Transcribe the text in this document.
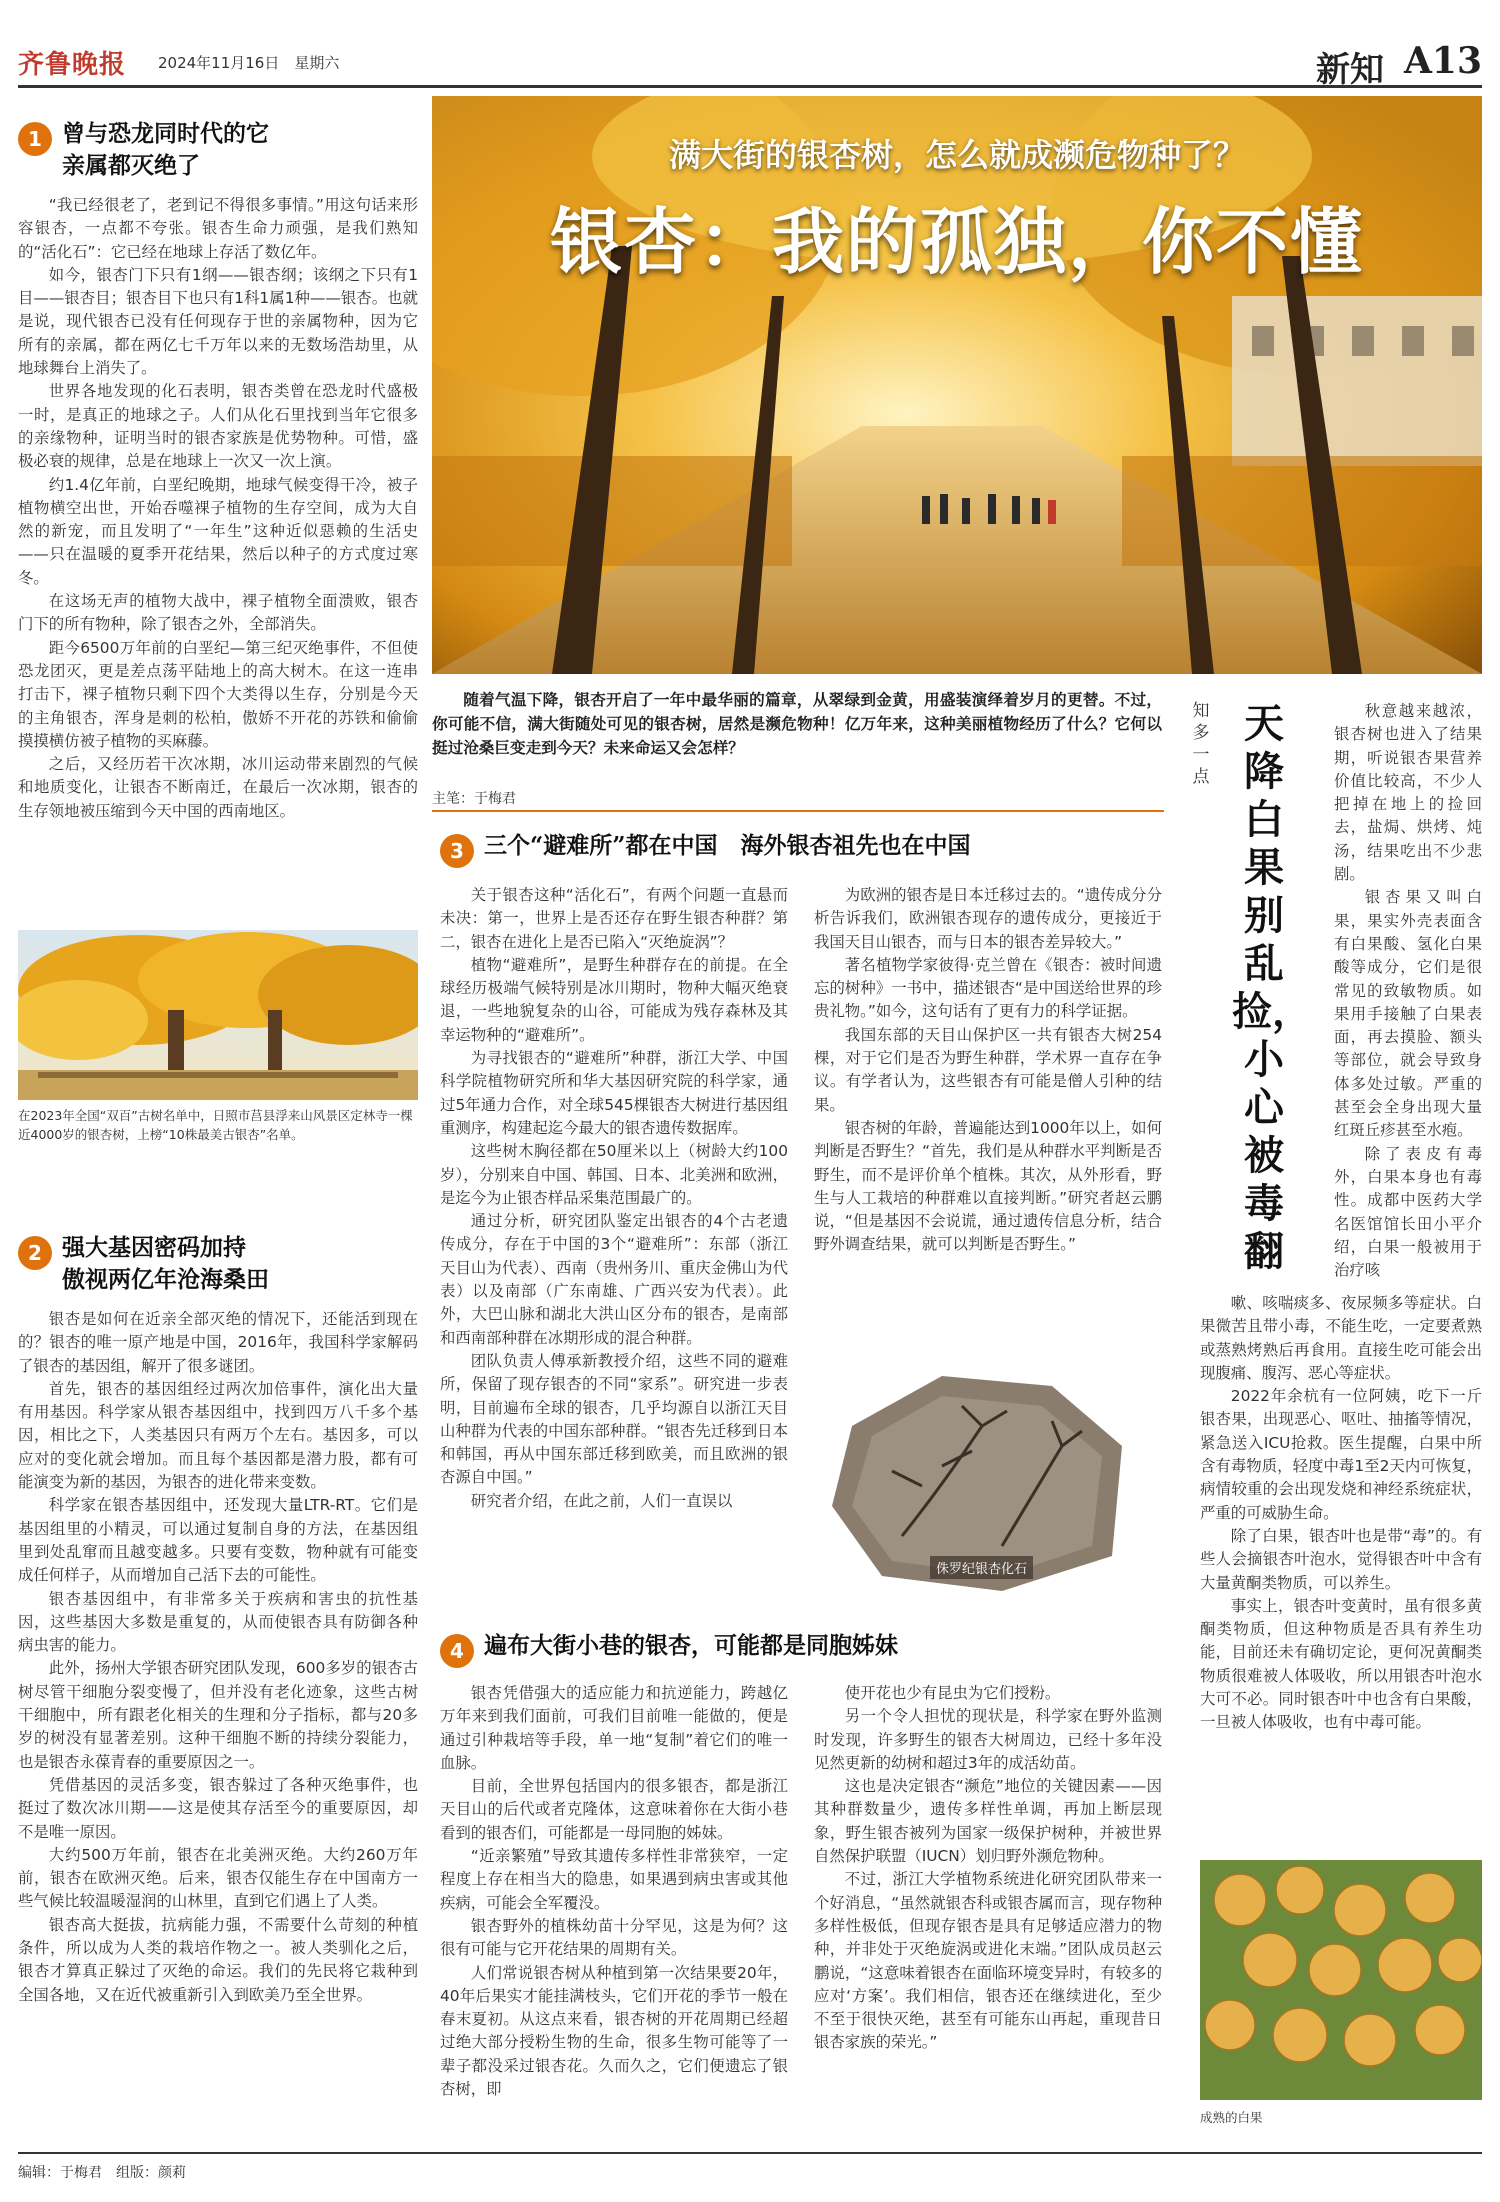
齐鲁晚报 2024年11月16日　星期六	新知 A13
1 曾与恐龙同时代的它
亲属都灭绝了

“我已经很老了，老到记不得很多事情。”用这句话来形容银杏，一点都不夸张。银杏生命力顽强，是我们熟知的“活化石”：它已经在地球上存活了数亿年。

如今，银杏门下只有1纲——银杏纲；该纲之下只有1目——银杏目；银杏目下也只有1科1属1种——银杏。也就是说，现代银杏已没有任何现存于世的亲属物种，因为它所有的亲属，都在两亿七千万年以来的无数场浩劫里，从地球舞台上消失了。

世界各地发现的化石表明，银杏类曾在恐龙时代盛极一时，是真正的地球之子。人们从化石里找到当年它很多的亲缘物种，证明当时的银杏家族是优势物种。可惜，盛极必衰的规律，总是在地球上一次又一次上演。

约1.4亿年前，白垩纪晚期，地球气候变得干冷，被子植物横空出世，开始吞噬裸子植物的生存空间，成为大自然的新宠，而且发明了“一年生”这种近似惡赖的生活史——只在温暖的夏季开花结果，然后以种子的方式度过寒冬。

在这场无声的植物大战中，裸子植物全面溃败，银杏门下的所有物种，除了银杏之外，全部消失。

距今6500万年前的白垩纪—第三纪灭绝事件，不但使恐龙团灭，更是差点荡平陆地上的高大树木。在这一连串打击下，裸子植物只剩下四个大类得以生存，分别是今天的主角银杏，浑身是刺的松柏，傲娇不开花的苏铁和偷偷摸摸横仿被子植物的买麻藤。

之后，又经历若干次冰期，冰川运动带来剧烈的气候和地质变化，让银杏不断南迁，在最后一次冰期，银杏的生存领地被压缩到今天中国的西南地区。

在2023年全国“双百”古树名单中，日照市莒县浮来山风景区定林寺一棵近4000岁的银杏树，上榜“10株最美古银杏”名单。
2 强大基因密码加持
傲视两亿年沧海桑田

银杏是如何在近亲全部灭绝的情况下，还能活到现在的？银杏的唯一原产地是中国，2016年，我国科学家解码了银杏的基因组，解开了很多谜团。

首先，银杏的基因组经过两次加倍事件，演化出大量有用基因。科学家从银杏基因组中，找到四万八千多个基因，相比之下，人类基因只有两万个左右。基因多，可以应对的变化就会增加。而且每个基因都是潜力股，都有可能演变为新的基因，为银杏的进化带来变数。

科学家在银杏基因组中，还发现大量LTR-RT。它们是基因组里的小精灵，可以通过复制自身的方法，在基因组里到处乱窜而且越变越多。只要有变数，物种就有可能变成任何样子，从而增加自己活下去的可能性。

银杏基因组中，有非常多关于疾病和害虫的抗性基因，这些基因大多数是重复的，从而使银杏具有防御各种病虫害的能力。

此外，扬州大学银杏研究团队发现，600多岁的银杏古树尽管干细胞分裂变慢了，但并没有老化迹象，这些古树干细胞中，所有跟老化相关的生理和分子指标，都与20多岁的树没有显著差别。这种干细胞不断的持续分裂能力，也是银杏永葆青春的重要原因之一。

凭借基因的灵活多变，银杏躲过了各种灭绝事件，也挺过了数次冰川期——这是使其存活至今的重要原因，却不是唯一原因。

大约500万年前，银杏在北美洲灭绝。大约260万年前，银杏在欧洲灭绝。后来，银杏仅能生存在中国南方一些气候比较温暖湿润的山林里，直到它们遇上了人类。

银杏高大挺拔，抗病能力强，不需要什么苛刻的种植条件，所以成为人类的栽培作物之一。被人类驯化之后，银杏才算真正躲过了灭绝的命运。我们的先民将它栽种到全国各地，又在近代被重新引入到欧美乃至全世界。

满大街的银杏树，怎么就成濒危物种了？
银杏：我的孤独，你不懂

随着气温下降，银杏开启了一年中最华丽的篇章，从翠绿到金黄，用盛装演绎着岁月的更替。不过，你可能不信，满大街随处可见的银杏树，居然是濒危物种！亿万年来，这种美丽植物经历了什么？它何以挺过沧桑巨变走到今天？未来命运又会怎样？

主笔：于梅君
3 三个“避难所”都在中国　海外银杏祖先也在中国

关于银杏这种“活化石”，有两个问题一直悬而未决：第一，世界上是否还存在野生银杏种群？第二，银杏在进化上是否已陷入“灭绝旋涡”？

植物“避难所”，是野生种群存在的前提。在全球经历极端气候特别是冰川期时，物种大幅灭绝衰退，一些地貌复杂的山谷，可能成为残存森林及其幸运物种的“避难所”。

为寻找银杏的“避难所”种群，浙江大学、中国科学院植物研究所和华大基因研究院的科学家，通过5年通力合作，对全球545棵银杏大树进行基因组重测序，构建起迄今最大的银杏遗传数据库。

这些树木胸径都在50厘米以上（树龄大约100岁），分别来自中国、韩国、日本、北美洲和欧洲，是迄今为止银杏样品采集范围最广的。

通过分析，研究团队鉴定出银杏的4个古老遗传成分，存在于中国的3个“避难所”：东部（浙江天目山为代表）、西南（贵州务川、重庆金佛山为代表）以及南部（广东南雄、广西兴安为代表）。此外，大巴山脉和湖北大洪山区分布的银杏，是南部和西南部种群在冰期形成的混合种群。

团队负责人傅承新教授介绍，这些不同的避难所，保留了现存银杏的不同“家系”。研究进一步表明，目前遍布全球的银杏，几乎均源自以浙江天目山种群为代表的中国东部种群。“银杏先迁移到日本和韩国，再从中国东部迁移到欧美，而且欧洲的银杏源自中国。”

研究者介绍，在此之前，人们一直误以

为欧洲的银杏是日本迁移过去的。“遗传成分分析告诉我们，欧洲银杏现存的遗传成分，更接近于我国天目山银杏，而与日本的银杏差异较大。”

著名植物学家彼得·克兰曾在《银杏：被时间遗忘的树种》一书中，描述银杏“是中国送给世界的珍贵礼物。”如今，这句话有了更有力的科学证据。

我国东部的天目山保护区一共有银杏大树254棵，对于它们是否为野生种群，学术界一直存在争议。有学者认为，这些银杏有可能是僧人引种的结果。

银杏树的年龄，普遍能达到1000年以上，如何判断是否野生？“首先，我们是从种群水平判断是否野生，而不是评价单个植株。其次，从外形看，野生与人工栽培的种群难以直接判断。”研究者赵云鹏说，“但是基因不会说谎，通过遗传信息分析，结合野外调查结果，就可以判断是否野生。”

侏罗纪银杏化石
4 遍布大街小巷的银杏，可能都是同胞姊妹

银杏凭借强大的适应能力和抗逆能力，跨越亿万年来到我们面前，可我们目前唯一能做的，便是通过引种栽培等手段，单一地“复制”着它们的唯一血脉。

目前，全世界包括国内的很多银杏，都是浙江天目山的后代或者克隆体，这意味着你在大街小巷看到的银杏们，可能都是一母同胞的姊妹。

“近亲繁殖”导致其遗传多样性非常狭窄，一定程度上存在相当大的隐患，如果遇到病虫害或其他疾病，可能会全军覆没。

银杏野外的植株幼苗十分罕见，这是为何？这很有可能与它开花结果的周期有关。

人们常说银杏树从种植到第一次结果要20年，40年后果实才能挂满枝头，它们开花的季节一般在春末夏初。从这点来看，银杏树的开花周期已经超过绝大部分授粉生物的生命，很多生物可能等了一辈子都没采过银杏花。久而久之，它们便遗忘了银杏树，即

使开花也少有昆虫为它们授粉。

另一个令人担忧的现状是，科学家在野外监测时发现，许多野生的银杏大树周边，已经十多年没见然更新的幼树和超过3年的成活幼苗。

这也是决定银杏“濒危”地位的关键因素——因其种群数量少，遗传多样性单调，再加上断层现象，野生银杏被列为国家一级保护树种，并被世界自然保护联盟（IUCN）划归野外濒危物种。

不过，浙江大学植物系统进化研究团队带来一个好消息，“虽然就银杏科或银杏属而言，现存物种多样性极低，但现存银杏是具有足够适应潜力的物种，并非处于灭绝旋涡或进化末端。”团队成员赵云鹏说，“这意味着银杏在面临环境变异时，有较多的应对‘方案’。我们相信，银杏还在继续进化，至少不至于很快灭绝，甚至有可能东山再起，重现昔日银杏家族的荣光。”

知多一点
天降白果别乱捡，小心被毒翻

秋意越来越浓，银杏树也进入了结果期，听说银杏果营养价值比较高，不少人把掉在地上的捡回去，盐焗、烘烤、炖汤，结果吃出不少悲剧。

银杏果又叫白果，果实外壳表面含有白果酸、氢化白果酸等成分，它们是很常见的致敏物质。如果用手接触了白果表面，再去摸脸、额头等部位，就会导致身体多处过敏。严重的甚至会全身出现大量红斑丘疹甚至水疱。

除了表皮有毒外，白果本身也有毒性。成都中医药大学名医馆馆长田小平介绍，白果一般被用于治疗咳

嗽、咳喘痰多、夜尿频多等症状。白果微苦且带小毒，不能生吃，一定要煮熟或蒸熟烤熟后再食用。直接生吃可能会出现腹痛、腹泻、恶心等症状。

2022年余杭有一位阿姨，吃下一斤银杏果，出现恶心、呕吐、抽搐等情况，紧急送入ICU抢救。医生提醒，白果中所含有毒物质，轻度中毒1至2天内可恢复，病情较重的会出现发烧和神经系统症状，严重的可威胁生命。

除了白果，银杏叶也是带“毒”的。有些人会摘银杏叶泡水，觉得银杏叶中含有大量黄酮类物质，可以养生。

事实上，银杏叶变黄时，虽有很多黄酮类物质，但这种物质是否具有养生功能，目前还未有确切定论，更何况黄酮类物质很难被人体吸收，所以用银杏叶泡水大可不必。同时银杏叶中也含有白果酸，一旦被人体吸收，也有中毒可能。

成熟的白果
编辑：于梅君　组版：颜莉
